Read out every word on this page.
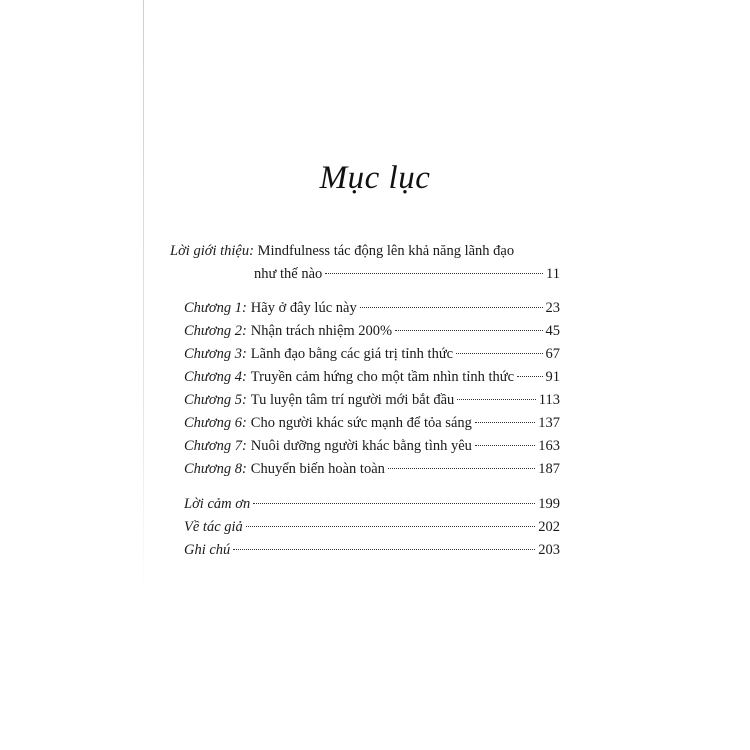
Mục lục
Lời giới thiệu: Mindfulness tác động lên khả năng lãnh đạo
như thế nào	11
Chương 1: Hãy ở đây lúc này	23
Chương 2: Nhận trách nhiệm 200%	45
Chương 3: Lãnh đạo bằng các giá trị tỉnh thức	67
Chương 4: Truyền cảm hứng cho một tầm nhìn tỉnh thức 91
Chương 5: Tu luyện tâm trí người mới bắt đầu	113
Chương 6: Cho người khác sức mạnh để tỏa sáng	137
Chương 7: Nuôi dưỡng người khác bằng tình yêu	163
Chương 8: Chuyển biến hoàn toàn	187
Lời cảm ơn	199
Về tác giả	202
Ghi chú	203
